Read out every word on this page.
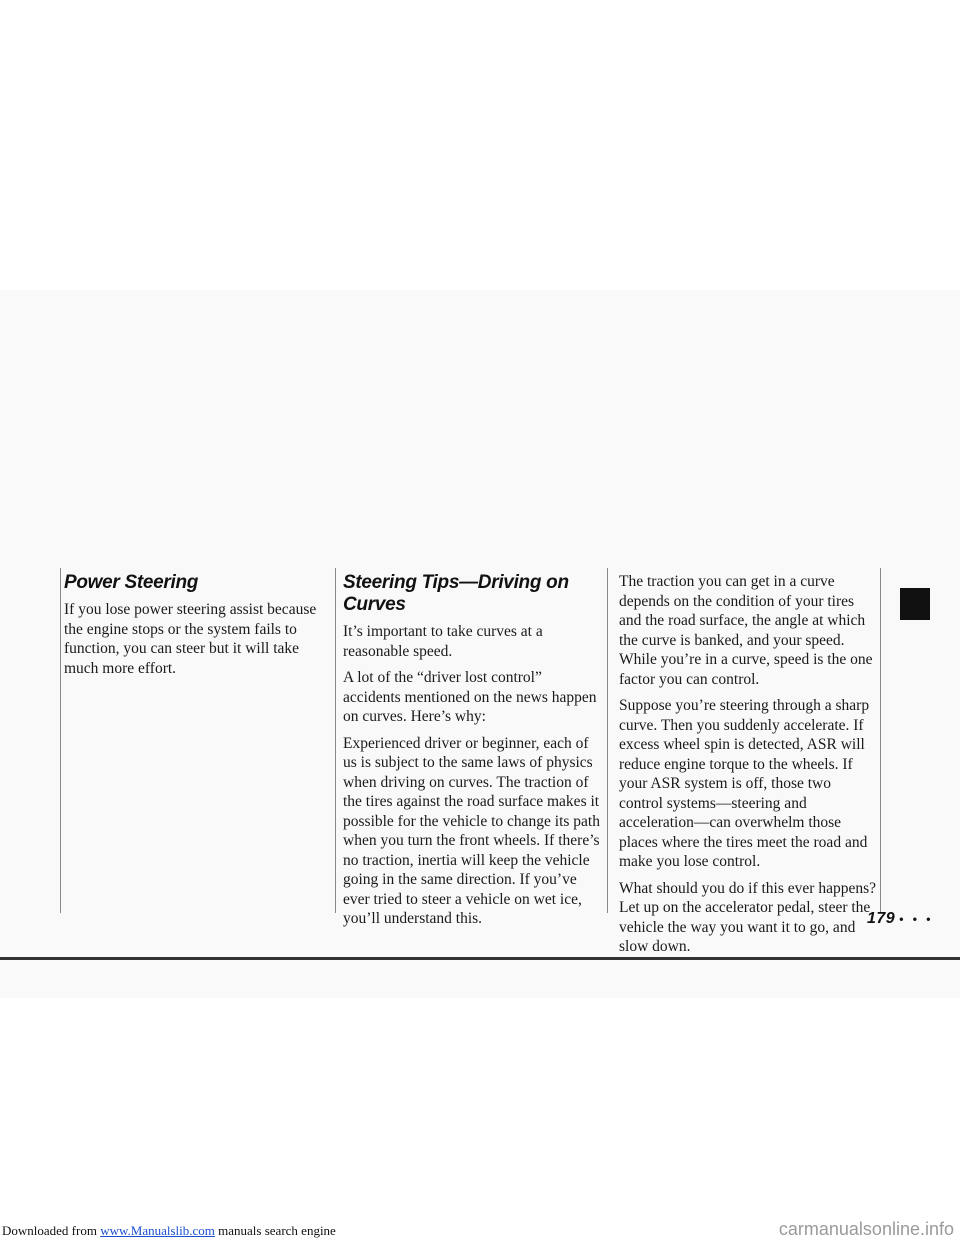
Power Steering

If you lose power steering assist because the engine stops or the system fails to function, you can steer but it will take much more effort.

Steering Tips—Driving on Curves

It’s important to take curves at a reasonable speed.

A lot of the “driver lost control” accidents mentioned on the news happen on curves. Here’s why:

Experienced driver or beginner, each of us is subject to the same laws of physics when driving on curves. The traction of the tires against the road surface makes it possible for the vehicle to change its path when you turn the front wheels. If there’s no traction, inertia will keep the vehicle going in the same direction. If you’ve ever tried to steer a vehicle on wet ice, you’ll understand this.

The traction you can get in a curve depends on the condition of your tires and the road surface, the angle at which the curve is banked, and your speed. While you’re in a curve, speed is the one factor you can control.

Suppose you’re steering through a sharp curve. Then you suddenly accelerate. If excess wheel spin is detected, ASR will reduce engine torque to the wheels. If your ASR system is off, those two control systems—steering and acceleration—can overwhelm those places where the tires meet the road and make you lose control.

What should you do if this ever happens? Let up on the accelerator pedal, steer the vehicle the way you want it to go, and slow down.

179 • • •
Downloaded from www.Manualslib.com manuals search engine	carmanualsonline.info
